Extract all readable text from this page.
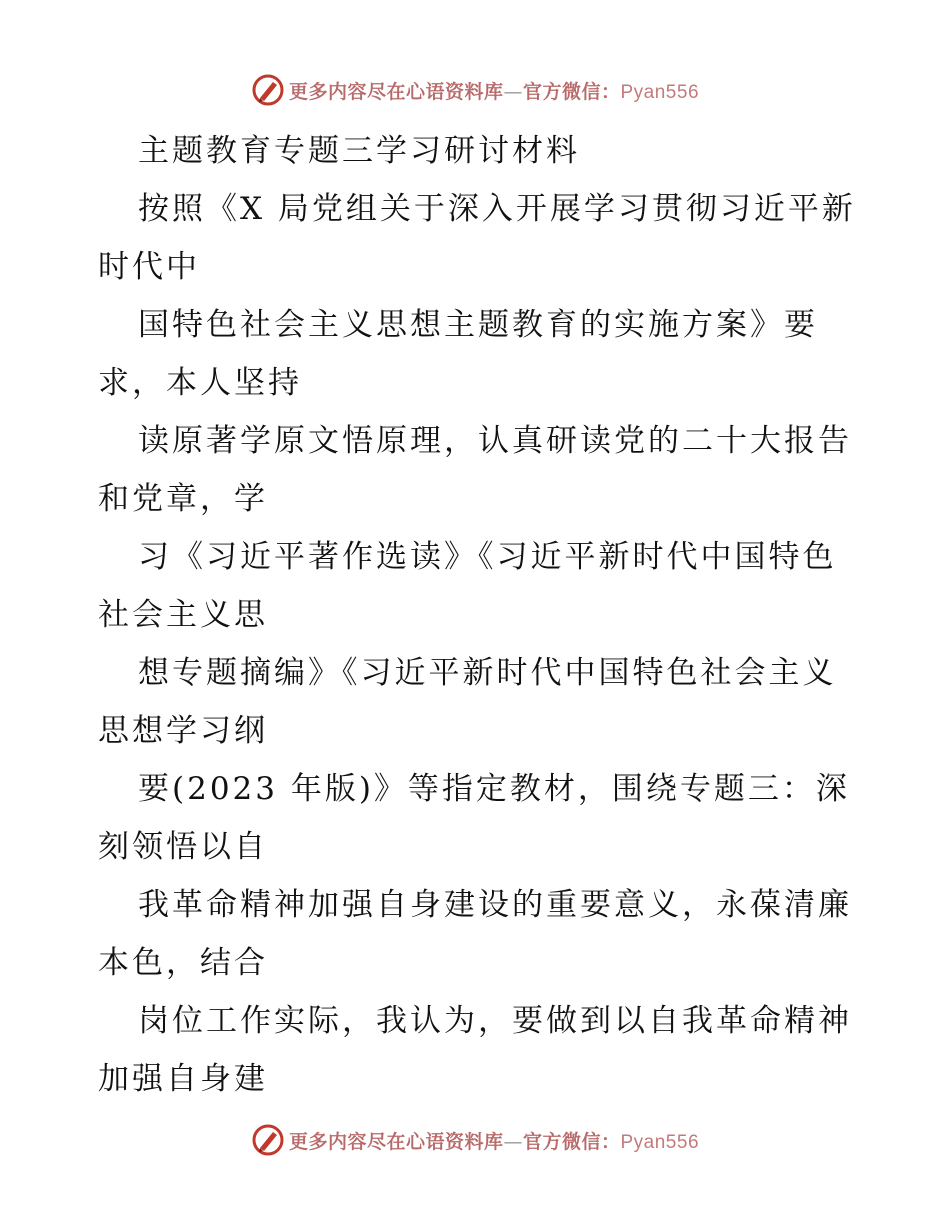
更多内容尽在心语资料库—官方微信：Pyan556
主题教育专题三学习研讨材料
按照《X 局党组关于深入开展学习贯彻习近平新
时代中
国特色社会主义思想主题教育的实施方案》要
求，本人坚持
读原著学原文悟原理，认真研读党的二十大报告
和党章，学
习《习近平著作选读》《习近平新时代中国特色
社会主义思
想专题摘编》《习近平新时代中国特色社会主义
思想学习纲
要(2023 年版)》等指定教材，围绕专题三：深
刻领悟以自
我革命精神加强自身建设的重要意义，永葆清廉
本色，结合
岗位工作实际，我认为，要做到以自我革命精神
加强自身建
更多内容尽在心语资料库—官方微信：Pyan556
